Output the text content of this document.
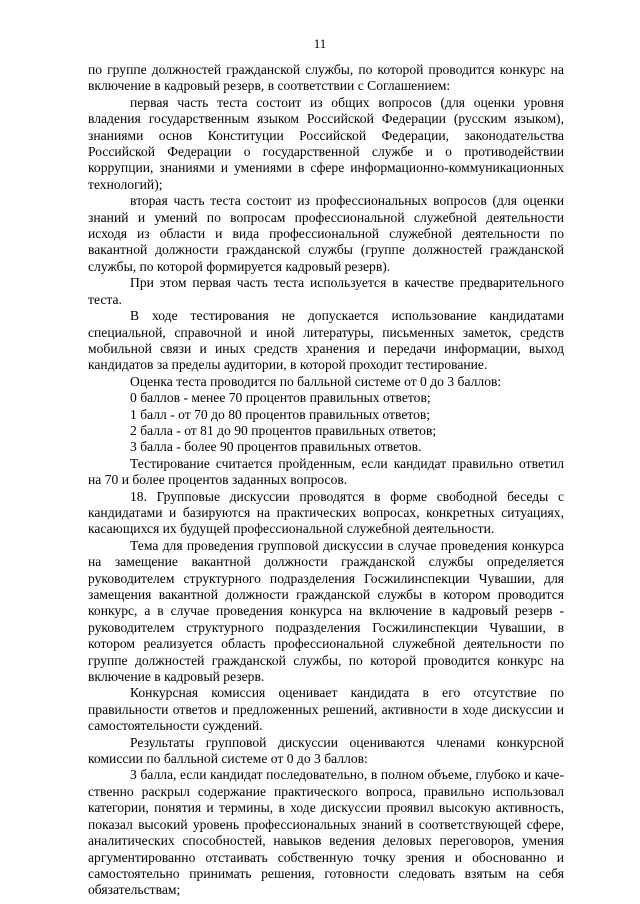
11

по группе должностей гражданской службы, по которой проводится конкурс на включение в кадровый резерв, в соответствии с Соглашением:

первая часть теста состоит из общих вопросов (для оценки уровня владения государственным языком Российской Федерации (русским языком), знаниями основ Конституции Российской Федерации, законодательства Российской Федерации о государственной службе и о противодействии коррупции, знаниями и умениями в сфере информационно-коммуникационных технологий);

вторая часть теста состоит из профессиональных вопросов (для оценки знаний и умений по вопросам профессиональной служебной деятельности исходя из области и вида профессиональной служебной деятельности по вакантной должности гражданской службы (группе должностей гражданской службы, по которой формируется кадровый резерв).

При этом первая часть теста используется в качестве предварительного теста.

В ходе тестирования не допускается использование кандидатами специальной, справочной и иной литературы, письменных заметок, средств мобильной связи и иных средств хранения и передачи информации, выход кандидатов за пределы аудитории, в которой проходит тестирование.

Оценка теста проводится по балльной системе от 0 до 3 баллов:

0 баллов - менее 70 процентов правильных ответов;

1 балл - от 70 до 80 процентов правильных ответов;

2 балла - от 81 до 90 процентов правильных ответов;

3 балла - более 90 процентов правильных ответов.

Тестирование считается пройденным, если кандидат правильно ответил на 70 и более процентов заданных вопросов.

18. Групповые дискуссии проводятся в форме свободной беседы с кандидатами и базируются на практических вопросах, конкретных ситуациях, касающихся их будущей профессиональной служебной деятельности.

Тема для проведения групповой дискуссии в случае проведения конкурса на замещение вакантной должности гражданской службы определяется руководителем структурного подразделения Госжилинспекции Чувашии, для замещения вакантной должности гражданской службы в котором проводится конкурс, а в случае проведения конкурса на включение в кадровый резерв - руководителем структурного подразделения Госжилинспекции Чувашии, в котором реализуется область профессиональной служебной деятельности по группе должностей гражданской службы, по которой проводится конкурс на включение в кадровый резерв.

Конкурсная комиссия оценивает кандидата в его отсутствие по правильности ответов и предложенных решений, активности в ходе дискуссии и самостоятельности суждений.

Результаты групповой дискуссии оцениваются членами конкурсной комиссии по балльной системе от 0 до 3 баллов:

3 балла, если кандидат последовательно, в полном объеме, глубоко и качественно раскрыл содержание практического вопроса, правильно использовал категории, понятия и термины, в ходе дискуссии проявил высокую активность, показал высокий уровень профессиональных знаний в соответствующей сфере, аналитических способностей, навыков ведения деловых переговоров, умения аргументированно отстаивать собственную точку зрения и обоснованно и самостоятельно принимать решения, готовности следовать взятым на себя обязательствам;
